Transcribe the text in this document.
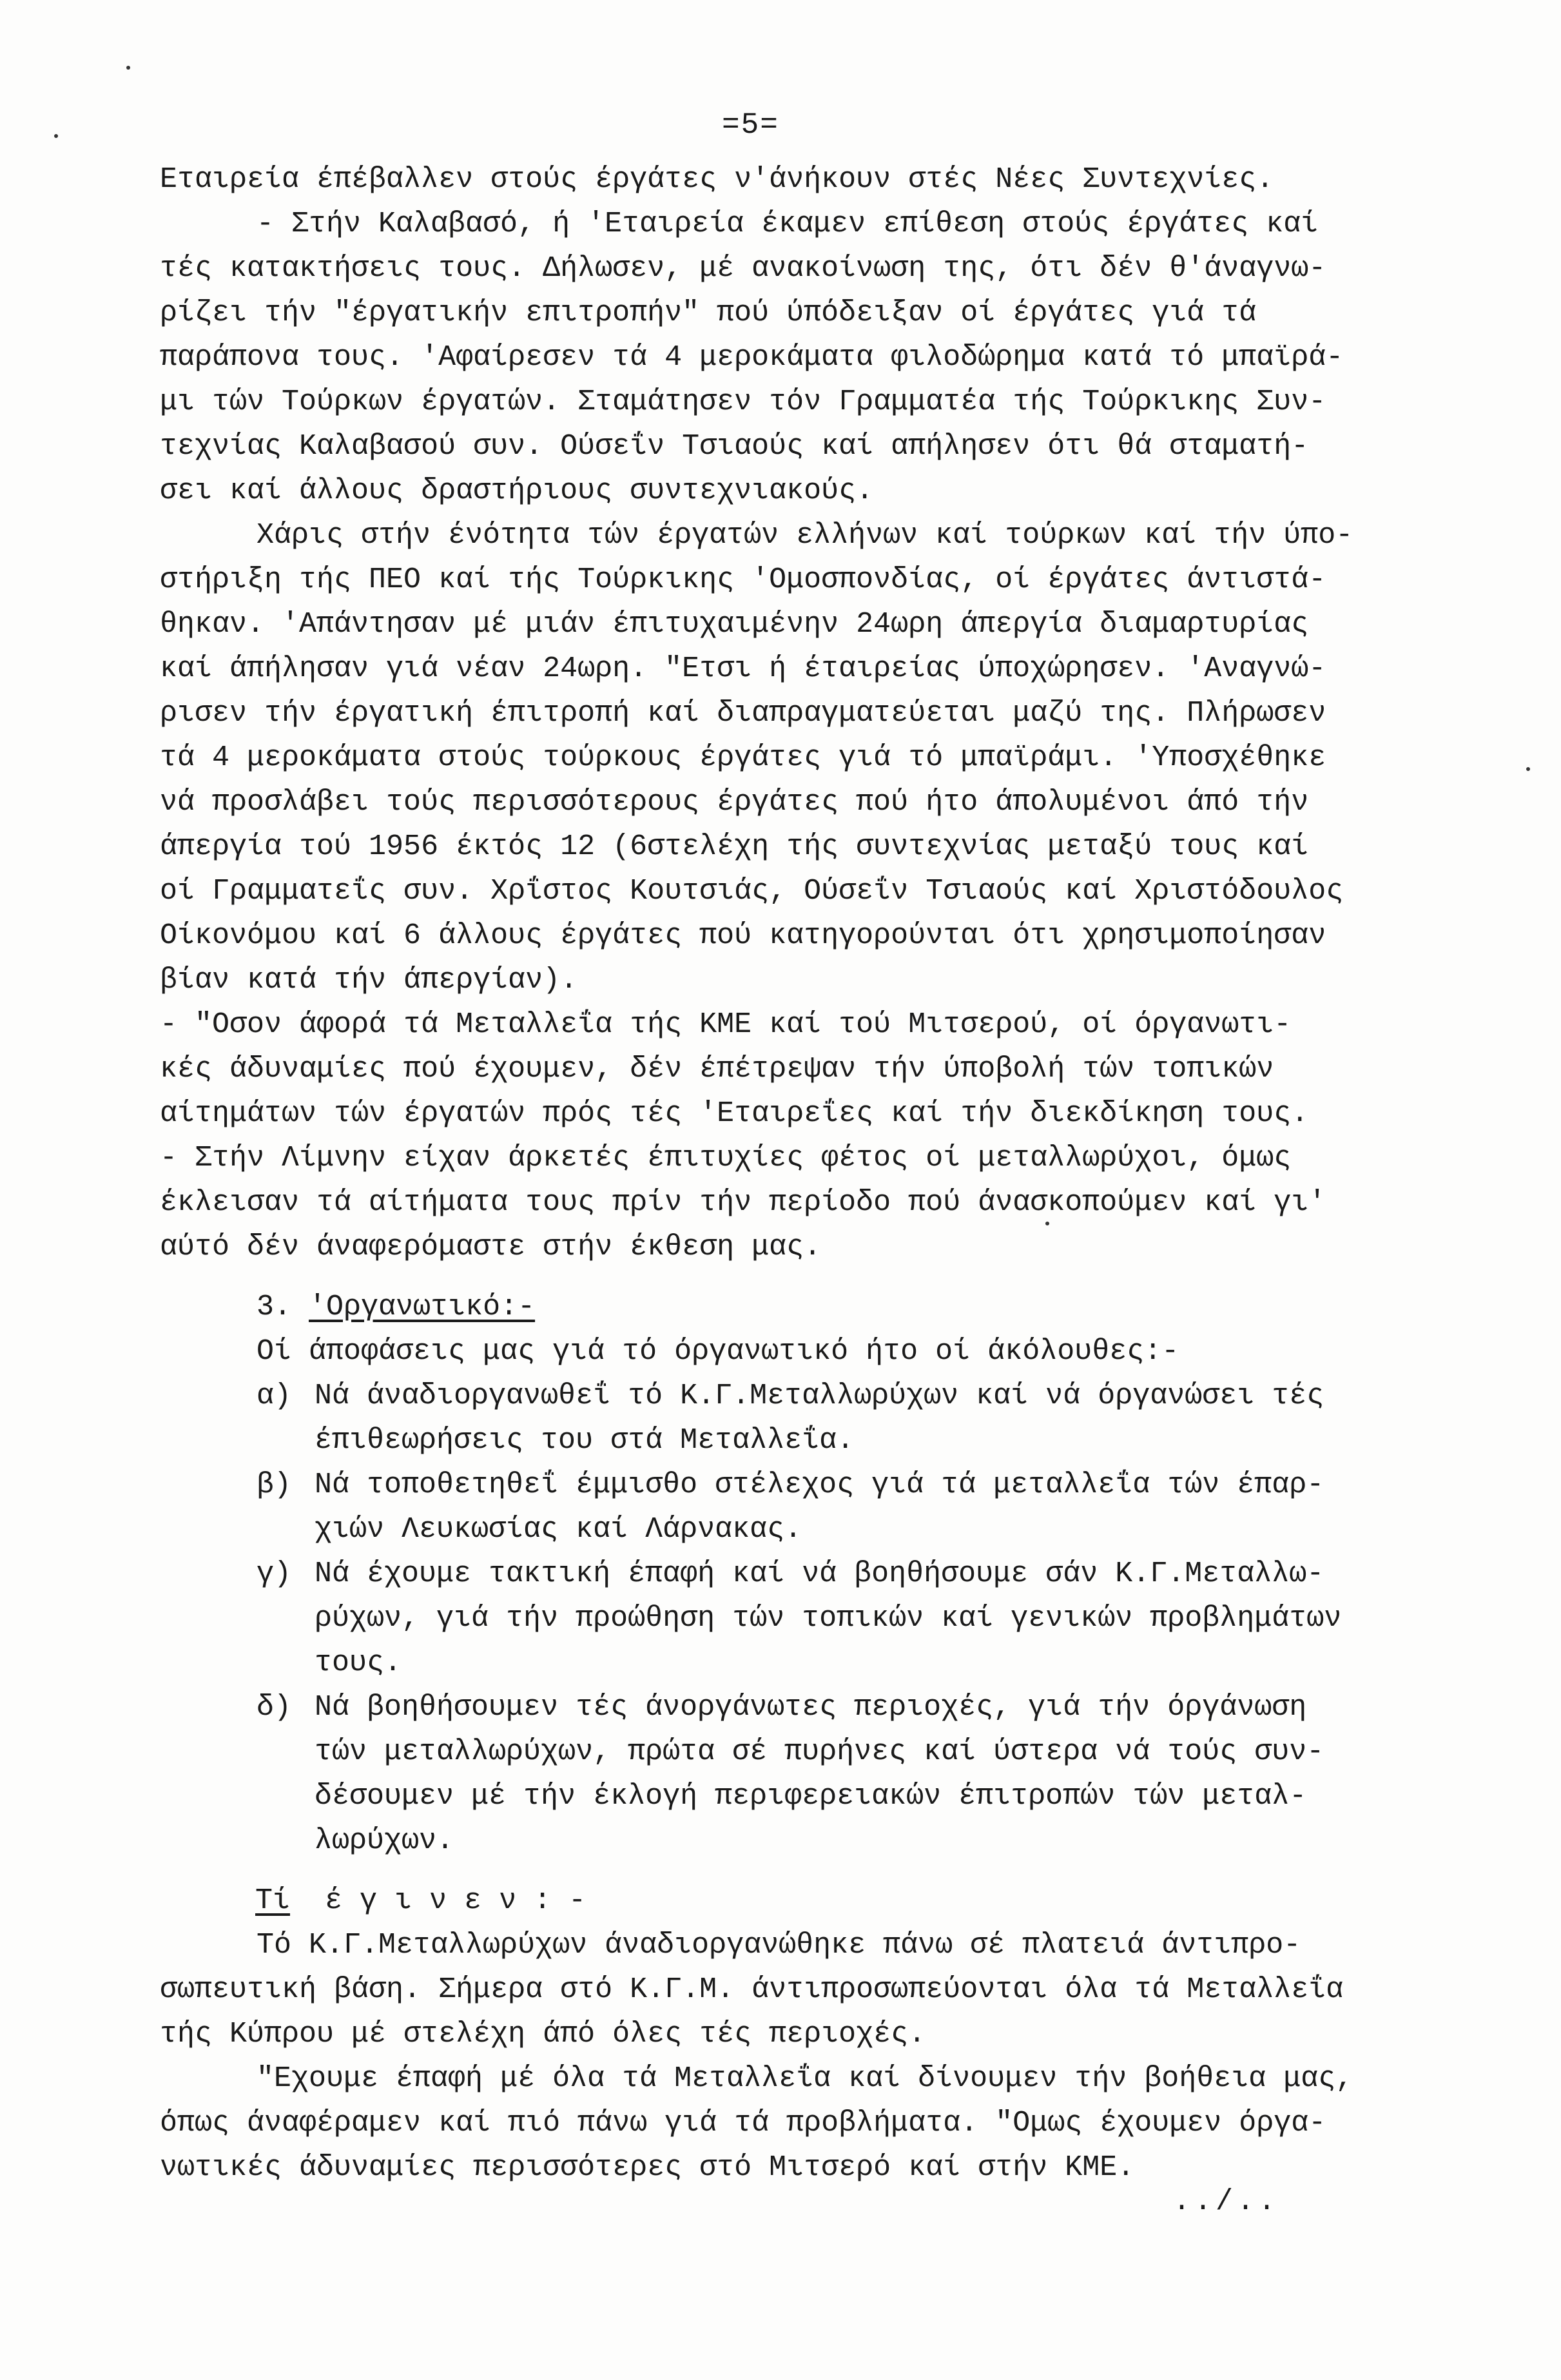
=5=
Εταιρεία έπέβαλλεν στούς έργάτες ν'άνήκουν στές Νέες Συντεχνίες.
- Στήν Καλαβασό, ή 'Εταιρεία έκαμεν επίθεση στούς έργάτες καί
τές κατακτήσεις τους. Δήλωσεν, μέ ανακοίνωση της, ότι δέν θ'άναγνω-
ρίζει τήν "έργατικήν επιτροπήν" πού ύπόδειξαν οί έργάτες γιά τά
παράπονα τους. 'Αφαίρεσεν τά 4 μεροκάματα φιλοδώρημα κατά τό μπαϊρά-
μι τών Τούρκων έργατών. Σταμάτησεν τόν Γραμματέα τής Τούρκικης Συν-
τεχνίας Καλαβασού συν. Ούσεΐν Τσιαούς καί απήλησεν ότι θά σταματή-
σει καί άλλους δραστήριους συντεχνιακούς.
Χάρις στήν ένότητα τών έργατών ελλήνων καί τούρκων καί τήν ύπο-
στήριξη τής ΠΕΟ καί τής Τούρκικης 'Ομοσπονδίας, οί έργάτες άντιστά-
θηκαν. 'Απάντησαν μέ μιάν έπιτυχαιμένην 24ωρη άπεργία διαμαρτυρίας
καί άπήλησαν γιά νέαν 24ωρη. "Ετσι ή έταιρείας ύποχώρησεν. 'Αναγνώ-
ρισεν τήν έργατική έπιτροπή καί διαπραγματεύεται μαζύ της. Πλήρωσεν
τά 4 μεροκάματα στούς τούρκους έργάτες γιά τό μπαϊράμι. 'Υποσχέθηκε
νά προσλάβει τούς περισσότερους έργάτες πού ήτο άπολυμένοι άπό τήν
άπεργία τού 1956 έκτός 12 (6στελέχη τής συντεχνίας μεταξύ τους καί
οί Γραμματεΐς συν. Χρΐστος Κουτσιάς, Ούσεΐν Τσιαούς καί Χριστόδουλος
Οίκονόμου καί 6 άλλους έργάτες πού κατηγορούνται ότι χρησιμοποίησαν
βίαν κατά τήν άπεργίαν).
- "Οσον άφορά τά Μεταλλεΐα τής ΚΜΕ καί τού Μιτσερού, οί όργανωτι-
κές άδυναμίες πού έχουμεν, δέν έπέτρεψαν τήν ύποβολή τών τοπικών
αίτημάτων τών έργατών πρός τές 'Εταιρεΐες καί τήν διεκδίκηση τους.
- Στήν Λίμνην είχαν άρκετές έπιτυχίες φέτος οί μεταλλωρύχοι, όμως
έκλεισαν τά αίτήματα τους πρίν τήν περίοδο πού άνασκοπούμεν καί γι'
αύτό δέν άναφερόμαστε στήν έκθεση μας.
3. 'Οργανωτικό:-
Οί άποφάσεις μας γιά τό όργανωτικό ήτο οί άκόλουθες:-
α) Νά άναδιοργανωθεΐ τό Κ.Γ.Μεταλλωρύχων καί νά όργανώσει τές
έπιθεωρήσεις του στά Μεταλλεΐα.
β) Νά τοποθετηθεΐ έμμισθο στέλεχος γιά τά μεταλλεΐα τών έπαρ-
χιών Λευκωσίας καί Λάρνακας.
γ) Νά έχουμε τακτική έπαφή καί νά βοηθήσουμε σάν Κ.Γ.Μεταλλω-
ρύχων, γιά τήν προώθηση τών τοπικών καί γενικών προβλημάτων
τους.
δ) Νά βοηθήσουμεν τές άνοργάνωτες περιοχές, γιά τήν όργάνωση
τών μεταλλωρύχων, πρώτα σέ πυρήνες καί ύστερα νά τούς συν-
δέσουμεν μέ τήν έκλογή περιφερειακών έπιτροπών τών μεταλ-
λωρύχων.
Τί  έ γ ι ν ε ν : -
Τό Κ.Γ.Μεταλλωρύχων άναδιοργανώθηκε πάνω σέ πλατειά άντιπρο-
σωπευτική βάση. Σήμερα στό Κ.Γ.Μ. άντιπροσωπεύονται όλα τά Μεταλλεΐα
τής Κύπρου μέ στελέχη άπό όλες τές περιοχές.
"Εχουμε έπαφή μέ όλα τά Μεταλλεΐα καί δίνουμεν τήν βοήθεια μας,
όπως άναφέραμεν καί πιό πάνω γιά τά προβλήματα. "Ομως έχουμεν όργα-
νωτικές άδυναμίες περισσότερες στό Μιτσερό καί στήν ΚΜΕ.
../..
